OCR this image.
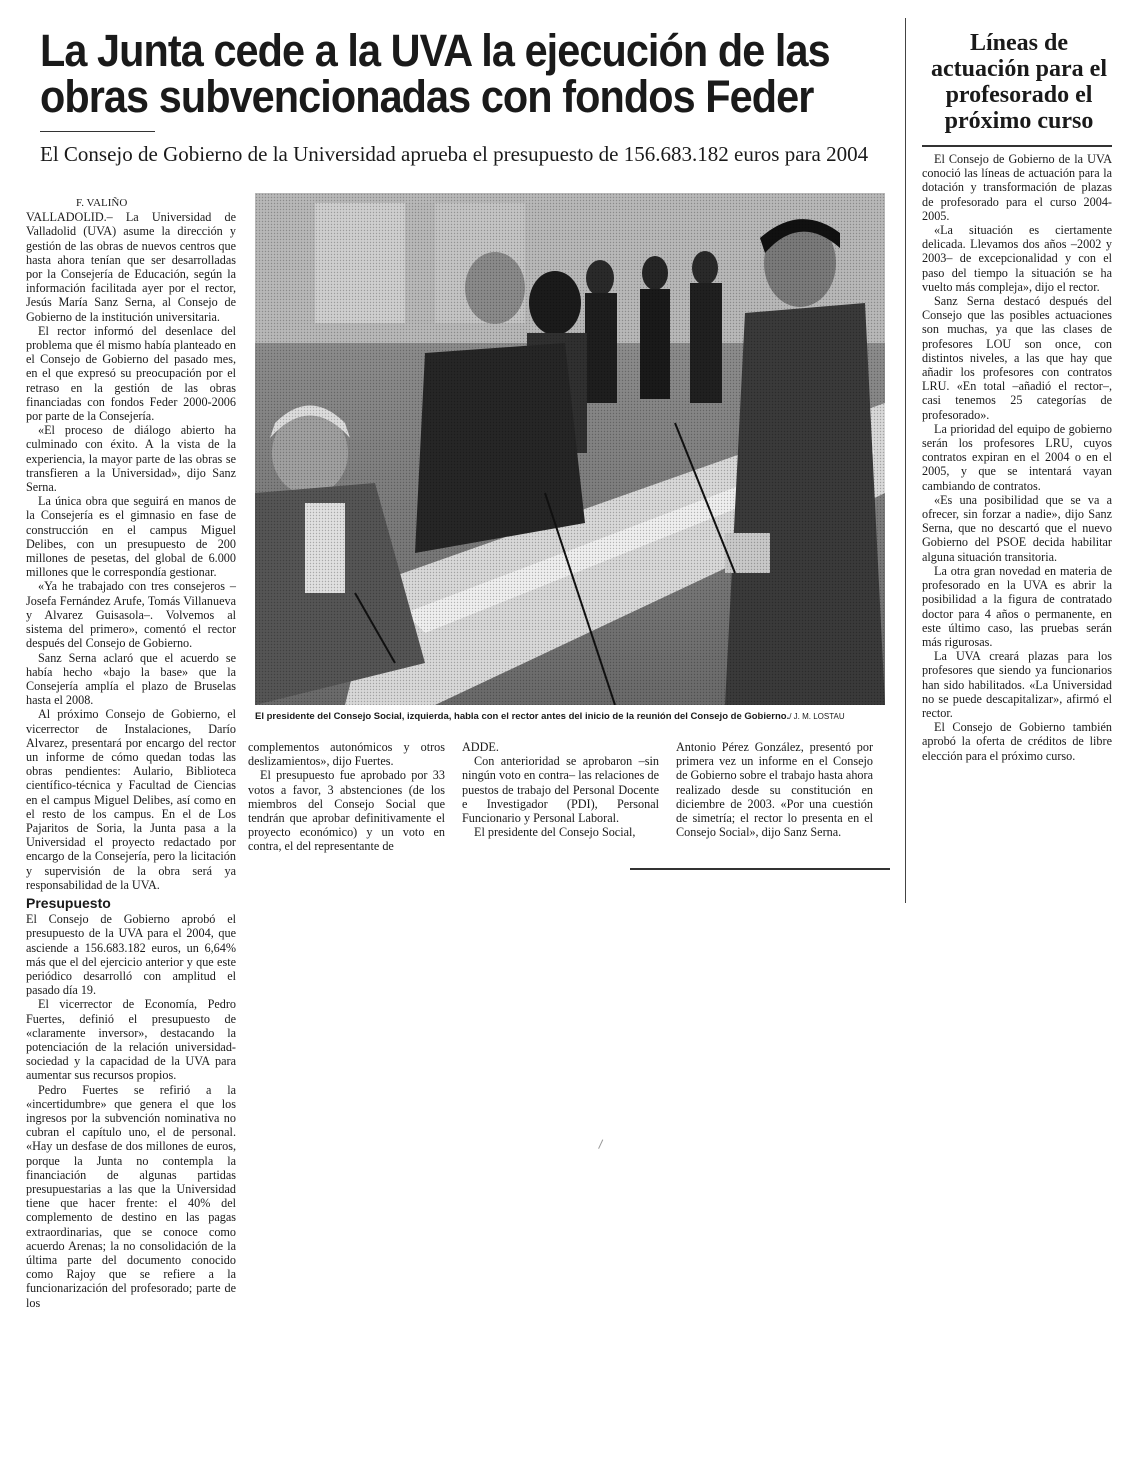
La Junta cede a la UVA la ejecución de las obras subvencionadas con fondos Feder

El Consejo de Gobierno de la Universidad aprueba el presupuesto de 156.683.182 euros para 2004

Líneas de actuación para el profesorado el próximo curso

El Consejo de Gobierno de la UVA conoció las líneas de actuación para la dotación y transformación de plazas de profesorado para el curso 2004-2005.

«La situación es ciertamente delicada. Llevamos dos años –2002 y 2003– de excepcionalidad y con el paso del tiempo la situación se ha vuelto más compleja», dijo el rector.

Sanz Serna destacó después del Consejo que las posibles actuaciones son muchas, ya que las clases de profesores LOU son once, con distintos niveles, a las que hay que añadir los profesores con contratos LRU. «En total –añadió el rector–, casi tenemos 25 categorías de profesorado».

La prioridad del equipo de gobierno serán los profesores LRU, cuyos contratos expiran en el 2004 o en el 2005, y que se intentará vayan cambiando de contratos.

«Es una posibilidad que se va a ofrecer, sin forzar a nadie», dijo Sanz Serna, que no descartó que el nuevo Gobierno del PSOE decida habilitar alguna situación transitoria.

La otra gran novedad en materia de profesorado en la UVA es abrir la posibilidad a la figura de contratado doctor para 4 años o permanente, en este último caso, las pruebas serán más rigurosas.

La UVA creará plazas para los profesores que siendo ya funcionarios han sido habilitados. «La Universidad no se puede descapitalizar», afirmó el rector.

El Consejo de Gobierno también aprobó la oferta de créditos de libre elección para el próximo curso.

F. VALIÑO

VALLADOLID.– La Universidad de Valladolid (UVA) asume la dirección y gestión de las obras de nuevos centros que hasta ahora tenían que ser desarrolladas por la Consejería de Educación, según la información facilitada ayer por el rector, Jesús María Sanz Serna, al Consejo de Gobierno de la institución universitaria.

El rector informó del desenlace del problema que él mismo había planteado en el Consejo de Gobierno del pasado mes, en el que expresó su preocupación por el retraso en la gestión de las obras financiadas con fondos Feder 2000-2006 por parte de la Consejería.

«El proceso de diálogo abierto ha culminado con éxito. A la vista de la experiencia, la mayor parte de las obras se transfieren a la Universidad», dijo Sanz Serna.

La única obra que seguirá en manos de la Consejería es el gimnasio en fase de construcción en el campus Miguel Delibes, con un presupuesto de 200 millones de pesetas, del global de 6.000 millones que le correspondía gestionar.

«Ya he trabajado con tres consejeros –Josefa Fernández Arufe, Tomás Villanueva y Alvarez Guisasola–. Volvemos al sistema del primero», comentó el rector después del Consejo de Gobierno.

Sanz Serna aclaró que el acuerdo se había hecho «bajo la base» que la Consejería amplía el plazo de Bruselas hasta el 2008.

Al próximo Consejo de Gobierno, el vicerrector de Instalaciones, Darío Alvarez, presentará por encargo del rector un informe de cómo quedan todas las obras pendientes: Aulario, Biblioteca científico-técnica y Facultad de Ciencias en el campus Miguel Delibes, así como en el resto de los campus. En el de Los Pajaritos de Soria, la Junta pasa a la Universidad el proyecto redactado por encargo de la Consejería, pero la licitación y supervisión de la obra será ya responsabilidad de la UVA.

Presupuesto

El Consejo de Gobierno aprobó el presupuesto de la UVA para el 2004, que asciende a 156.683.182 euros, un 6,64% más que el del ejercicio anterior y que este periódico desarrolló con amplitud el pasado día 19.

El vicerrector de Economía, Pedro Fuertes, definió el presupuesto de «claramente inversor», destacando la potenciación de la relación universidad-sociedad y la capacidad de la UVA para aumentar sus recursos propios.

Pedro Fuertes se refirió a la «incertidumbre» que genera el que los ingresos por la subvención nominativa no cubran el capítulo uno, el de personal. «Hay un desfase de dos millones de euros, porque la Junta no contempla la financiación de algunas partidas presupuestarias a las que la Universidad tiene que hacer frente: el 40% del complemento de destino en las pagas extraordinarias, que se conoce como acuerdo Arenas; la no consolidación de la última parte del documento conocido como Rajoy que se refiere a la funcionarización del profesorado; parte de los

El presidente del Consejo Social, izquierda, habla con el rector antes del inicio de la reunión del Consejo de Gobierno./ J. M. LOSTAU

complementos autonómicos y otros deslizamientos», dijo Fuertes.

El presupuesto fue aprobado por 33 votos a favor, 3 abstenciones (de los miembros del Consejo Social que tendrán que aprobar definitivamente el proyecto económico) y un voto en contra, el del representante de

ADDE.

Con anterioridad se aprobaron –sin ningún voto en contra– las relaciones de puestos de trabajo del Personal Docente e Investigador (PDI), Personal Funcionario y Personal Laboral.

El presidente del Consejo Social,

Antonio Pérez González, presentó por primera vez un informe en el Consejo de Gobierno sobre el trabajo hasta ahora realizado desde su constitución en diciembre de 2003. «Por una cuestión de simetría; el rector lo presenta en el Consejo Social», dijo Sanz Serna.
